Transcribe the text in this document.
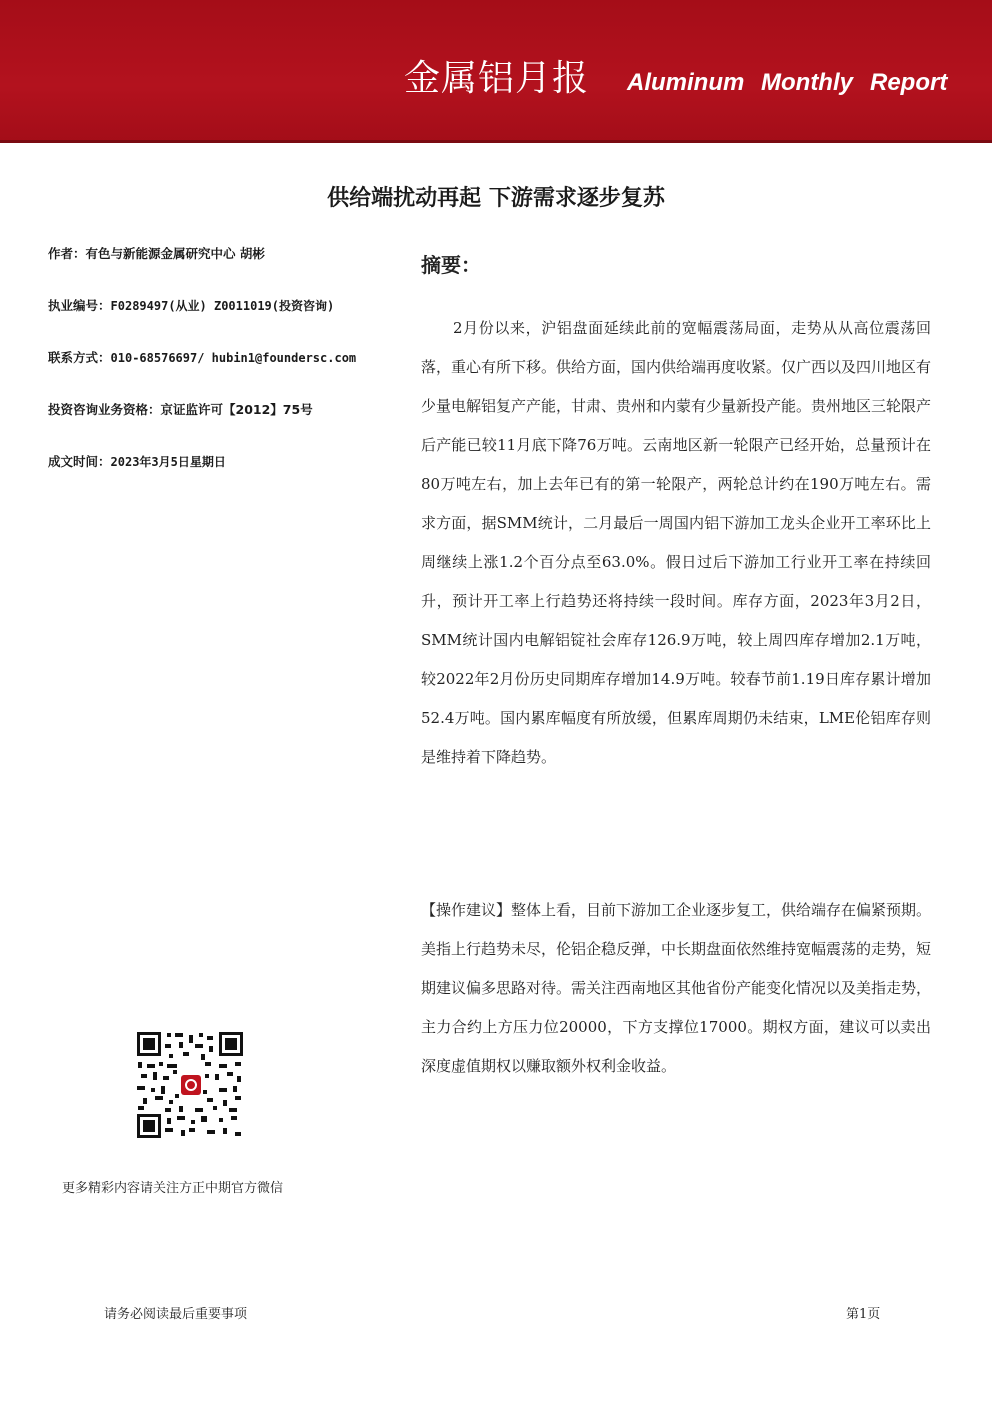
金属铝月报 Aluminum Monthly Report
供给端扰动再起 下游需求逐步复苏
作者：有色与新能源金属研究中心 胡彬
执业编号：F0289497(从业) Z0011019(投资咨询)
联系方式：010-68576697/ hubin1@foundersc.com
投资咨询业务资格：京证监许可【2012】75号
成文时间：2023年3月5日星期日
摘要：
2月份以来，沪铝盘面延续此前的宽幅震荡局面，走势从从高位震荡回落，重心有所下移。供给方面，国内供给端再度收紧。仅广西以及四川地区有少量电解铝复产产能，甘肃、贵州和内蒙有少量新投产能。贵州地区三轮限产后产能已较11月底下降76万吨。云南地区新一轮限产已经开始，总量预计在80万吨左右，加上去年已有的第一轮限产，两轮总计约在190万吨左右。需求方面，据SMM统计，二月最后一周国内铝下游加工龙头企业开工率环比上周继续上涨1.2个百分点至63.0%。假日过后下游加工行业开工率在持续回升，预计开工率上行趋势还将持续一段时间。库存方面，2023年3月2日，SMM统计国内电解铝锭社会库存126.9万吨，较上周四库存增加2.1万吨，较2022年2月份历史同期库存增加14.9万吨。较春节前1.19日库存累计增加52.4万吨。国内累库幅度有所放缓，但累库周期仍未结束，LME伦铝库存则是维持着下降趋势。
【操作建议】整体上看，目前下游加工企业逐步复工，供给端存在偏紧预期。美指上行趋势未尽，伦铝企稳反弹，中长期盘面依然维持宽幅震荡的走势，短期建议偏多思路对待。需关注西南地区其他省份产能变化情况以及美指走势，主力合约上方压力位20000，下方支撑位17000。期权方面，建议可以卖出深度虚值期权以赚取额外权利金收益。
更多精彩内容请关注方正中期官方微信
请务必阅读最后重要事项	第1页
